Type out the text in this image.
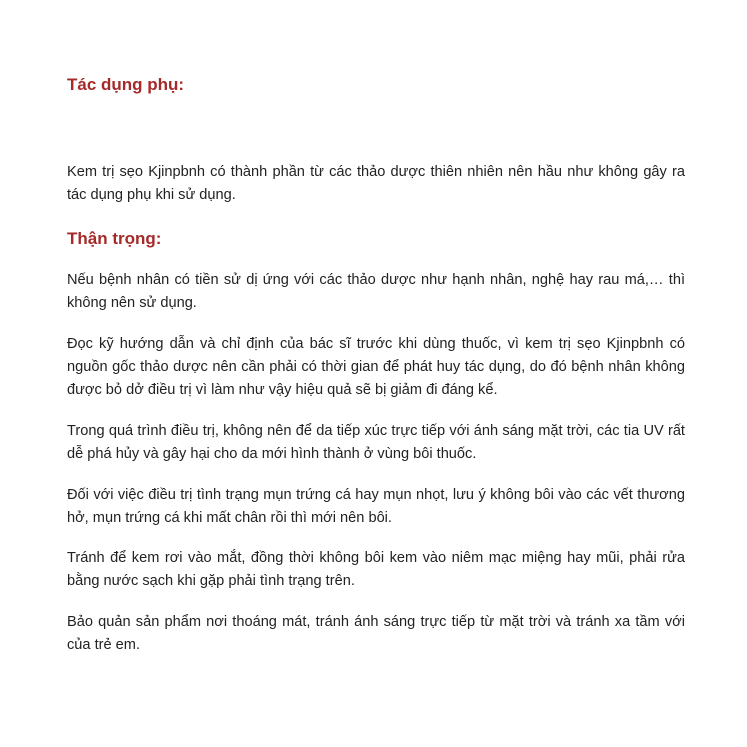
Tác dụng phụ:

Kem trị sẹo Kjinpbnh có thành phần từ các thảo dược thiên nhiên nên hầu như không gây ra tác dụng phụ khi sử dụng.

Thận trọng:

Nếu bệnh nhân có tiền sử dị ứng với các thảo dược như hạnh nhân, nghệ hay rau má,… thì không nên sử dụng.

Đọc kỹ hướng dẫn và chỉ định của bác sĩ trước khi dùng thuốc, vì kem trị sẹo Kjinpbnh có nguồn gốc thảo dược nên cần phải có thời gian để phát huy tác dụng, do đó bệnh nhân không được bỏ dở điều trị vì làm như vậy hiệu quả sẽ bị giảm đi đáng kể.

Trong quá trình điều trị, không nên để da tiếp xúc trực tiếp với ánh sáng mặt trời, các tia UV rất dễ phá hủy và gây hại cho da mới hình thành ở vùng bôi thuốc.

Đối với việc điều trị tình trạng mụn trứng cá hay mụn nhọt, lưu ý không bôi vào các vết thương hở, mụn trứng cá khi mất chân rồi thì mới nên bôi.

Tránh để kem rơi vào mắt, đồng thời không bôi kem vào niêm mạc miệng hay mũi, phải rửa bằng nước sạch khi gặp phải tình trạng trên.

Bảo quản sản phẩm nơi thoáng mát, tránh ánh sáng trực tiếp từ mặt trời và tránh xa tầm với của trẻ em.
